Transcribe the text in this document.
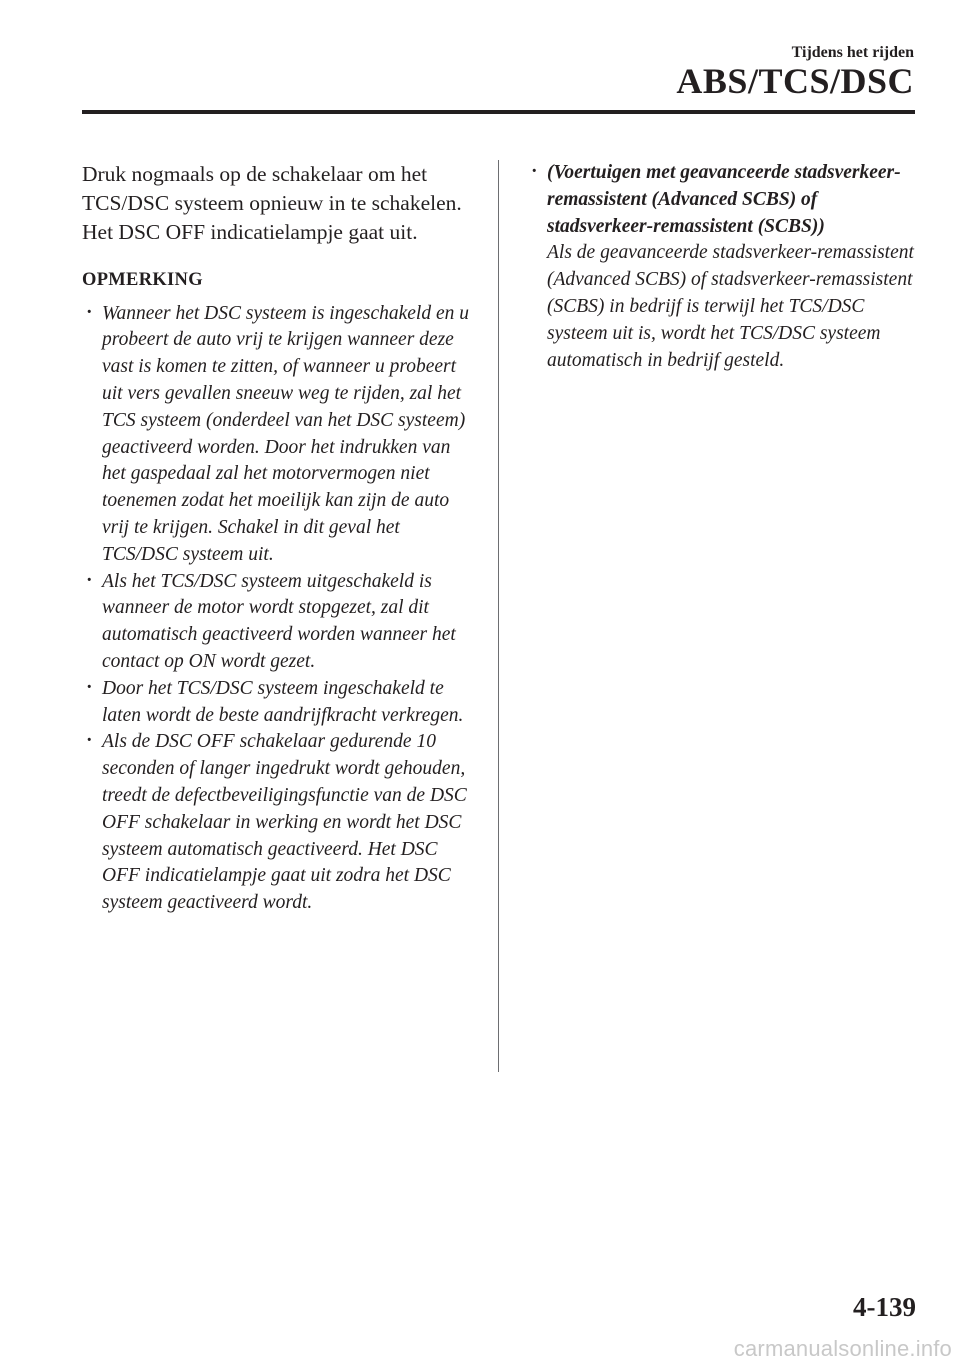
Tijdens het rijden
ABS/TCS/DSC

Druk nogmaals op de schakelaar om het TCS/DSC systeem opnieuw in te schakelen. Het DSC OFF indicatielampje gaat uit.

OPMERKING
· Wanneer het DSC systeem is ingeschakeld en u probeert de auto vrij te krijgen wanneer deze vast is komen te zitten, of wanneer u probeert uit vers gevallen sneeuw weg te rijden, zal het TCS systeem (onderdeel van het DSC systeem) geactiveerd worden. Door het indrukken van het gaspedaal zal het motorvermogen niet toenemen zodat het moeilijk kan zijn de auto vrij te krijgen. Schakel in dit geval het TCS/DSC systeem uit.
· Als het TCS/DSC systeem uitgeschakeld is wanneer de motor wordt stopgezet, zal dit automatisch geactiveerd worden wanneer het contact op ON wordt gezet.
· Door het TCS/DSC systeem ingeschakeld te laten wordt de beste aandrijfkracht verkregen.
· Als de DSC OFF schakelaar gedurende 10 seconden of langer ingedrukt wordt gehouden, treedt de defectbeveiligingsfunctie van de DSC OFF schakelaar in werking en wordt het DSC systeem automatisch geactiveerd. Het DSC OFF indicatielampje gaat uit zodra het DSC systeem geactiveerd wordt.
· (Voertuigen met geavanceerde stadsverkeer-remassistent (Advanced SCBS) of stadsverkeer-remassistent (SCBS))
Als de geavanceerde stadsverkeer-remassistent (Advanced SCBS) of stadsverkeer-remassistent (SCBS) in bedrijf is terwijl het TCS/DSC systeem uit is, wordt het TCS/DSC systeem automatisch in bedrijf gesteld.
4-139
carmanualsonline.info
